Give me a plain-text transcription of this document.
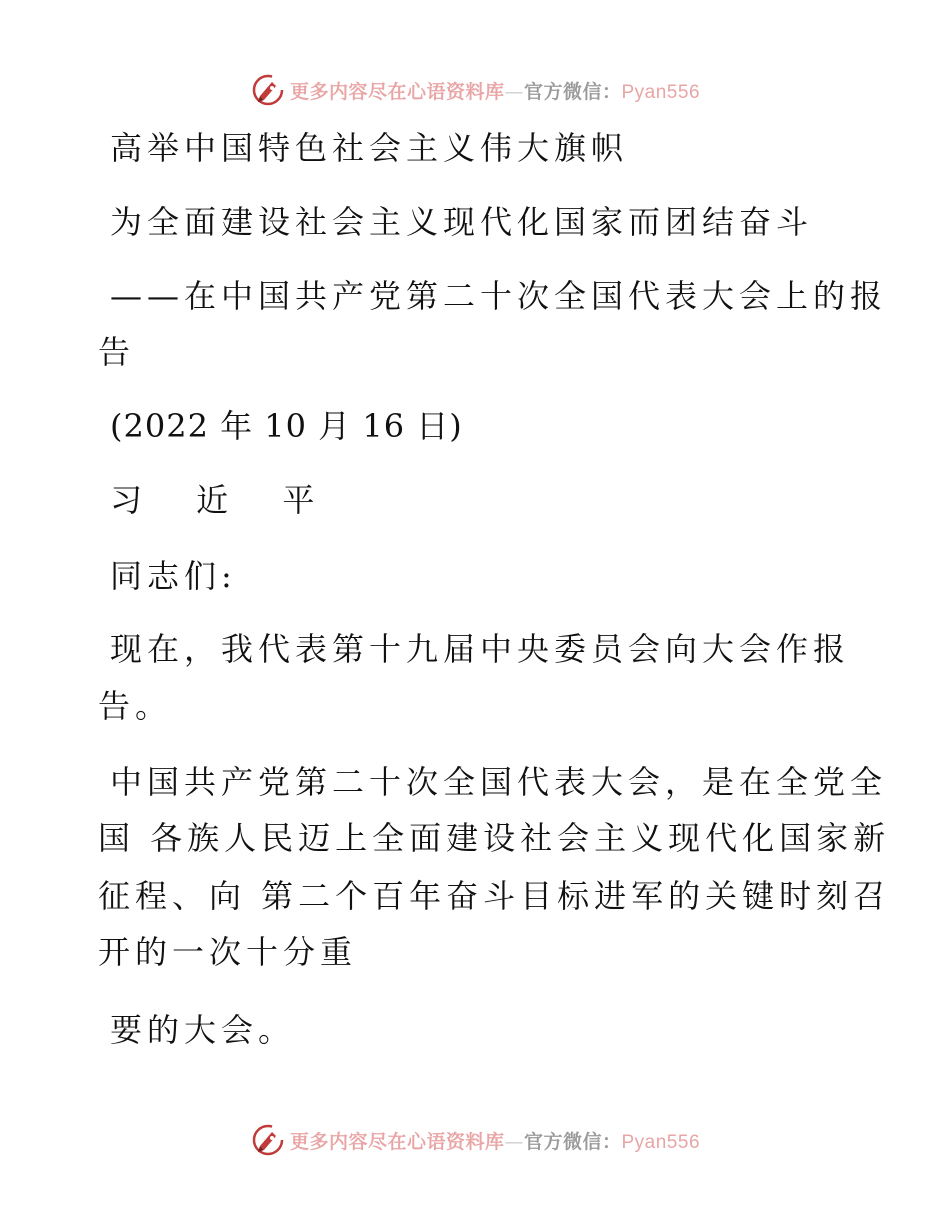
更多内容尽在心语资料库—官方微信：Pyan556
高举中国特色社会主义伟大旗帜
为全面建设社会主义现代化国家而团结奋斗
——在中国共产党第二十次全国代表大会上的报
告
(2022 年 10 月 16 日)
习 近 平
同志们:
现在，我代表第十九届中央委员会向大会作报
告。
中国共产党第二十次全国代表大会，是在全党全
国 各族人民迈上全面建设社会主义现代化国家新
征程、向 第二个百年奋斗目标进军的关键时刻召
开的一次十分重
要的大会。
更多内容尽在心语资料库—官方微信：Pyan556
